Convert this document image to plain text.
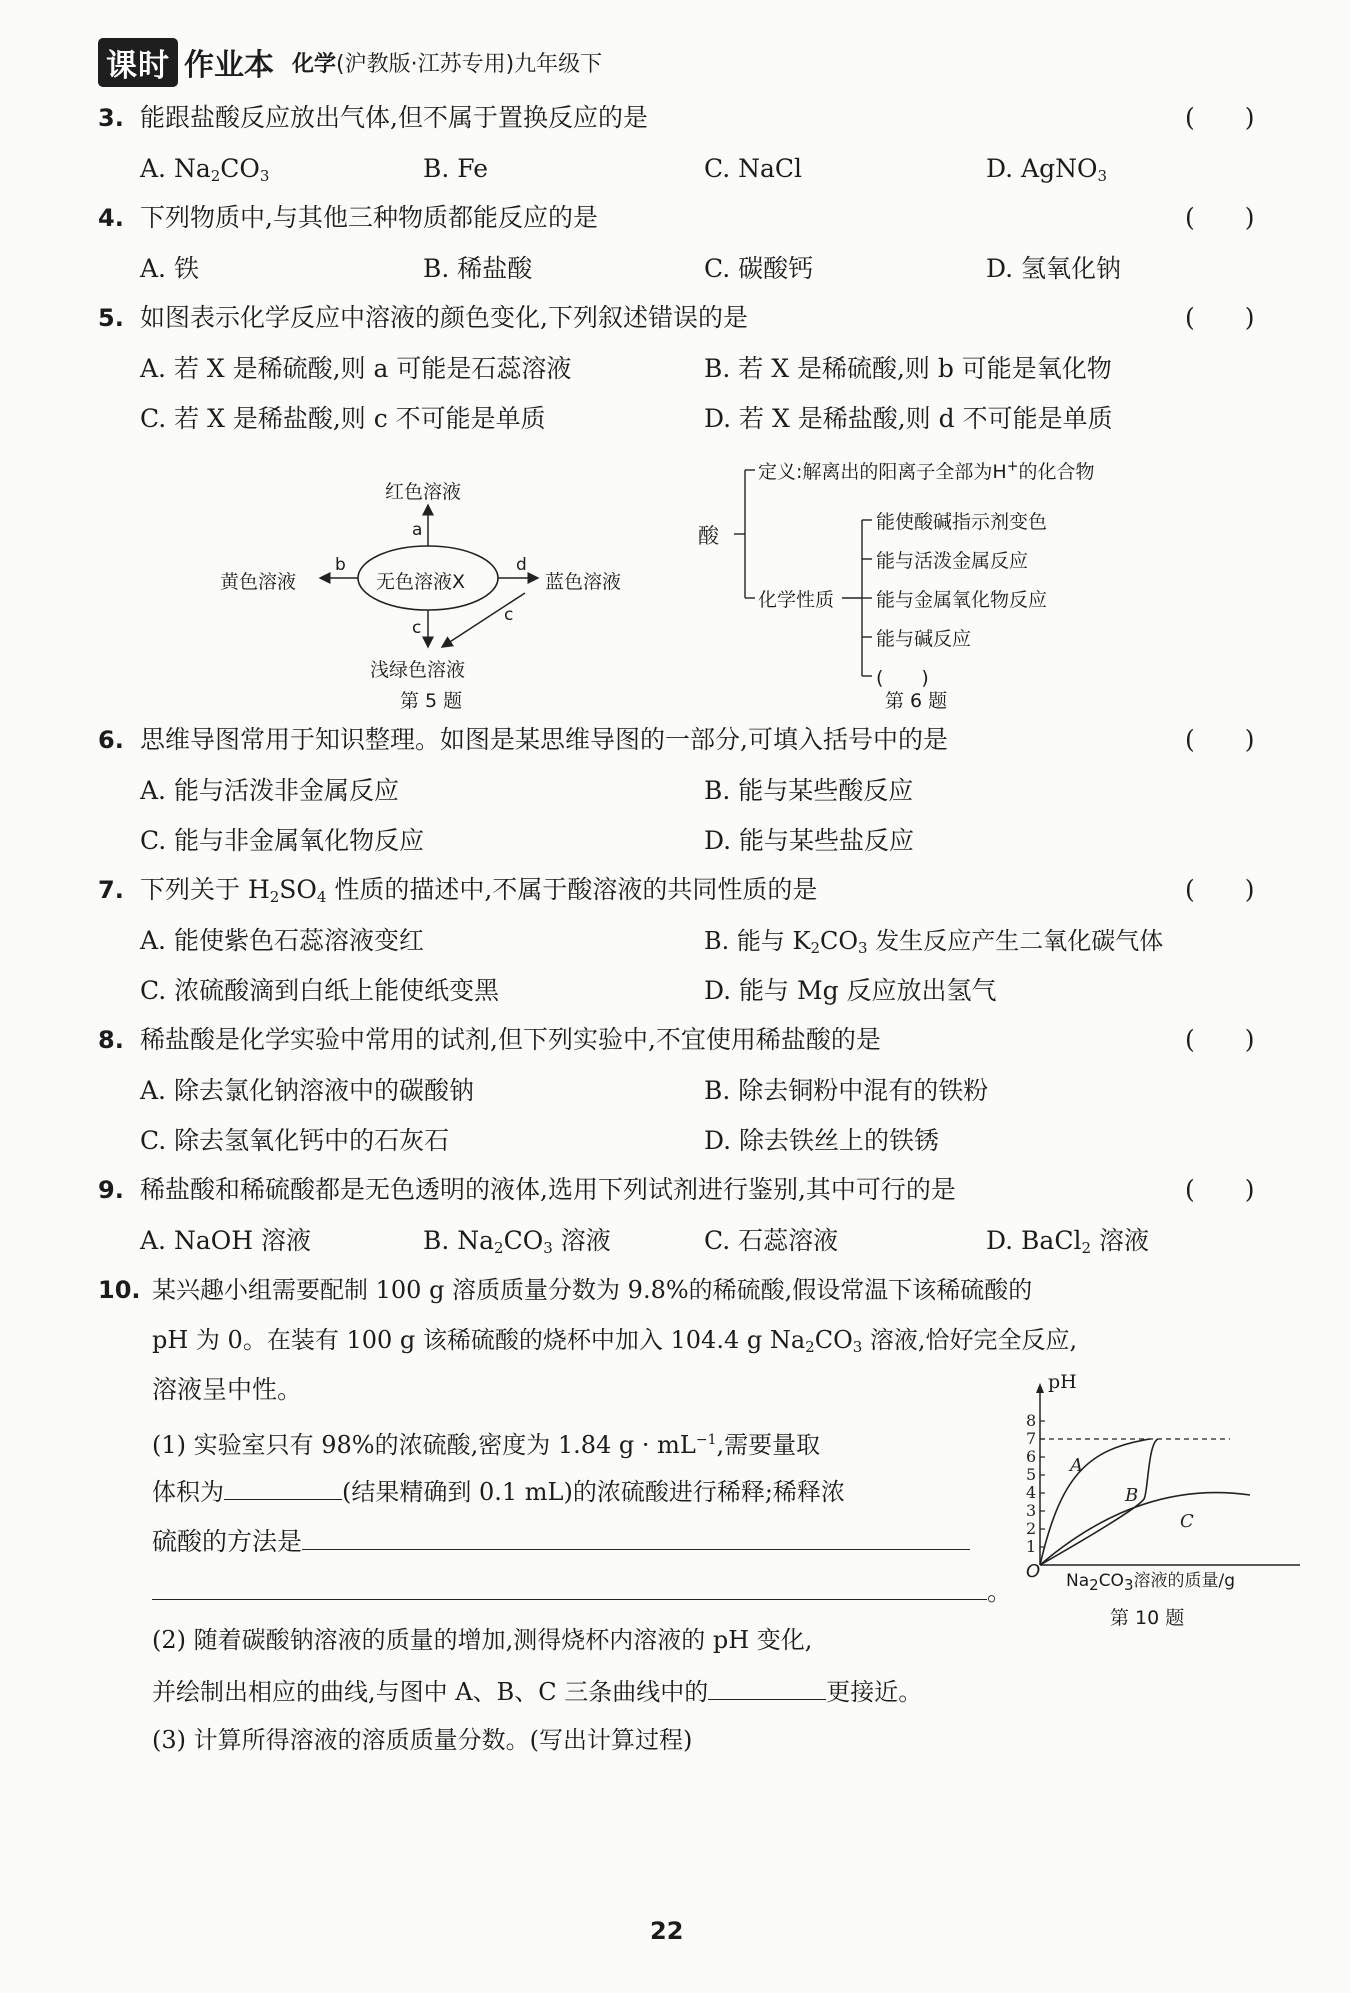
课时 作业本 化学 (沪教版·江苏专用)九年级下
3. 能跟盐酸反应放出气体,但不属于置换反应的是	(　　)
A. $Na_2CO_3$	B. Fe	C. NaCl	D. AgNO$_3$
4. 下列物质中,与其他三种物质都能反应的是	(　　)
A. 铁	B. 稀盐酸	C. 碳酸钙	D. 氢氧化钠
5. 如图表示化学反应中溶液的颜色变化,下列叙述错误的是	(　　)
A. 若 X 是稀硫酸,则 a 可能是石蕊溶液	B. 若 X 是稀硫酸,则 b 可能是氧化物
C. 若 X 是稀盐酸,则 c 不可能是单质	D. 若 X 是稀盐酸,则 d 不可能是单质
红色溶液
a
黄色溶液
b
无色溶液X
d
蓝色溶液
c
c
浅绿色溶液
第 5 题
酸
定义:解离出的阳离子全部为H+的化合物
化学性质
能使酸碱指示剂变色
能与活泼金属反应
能与金属氧化物反应
能与碱反应
(　　)
第 6 题
6. 思维导图常用于知识整理。如图是某思维导图的一部分,可填入括号中的是	(　　)
A. 能与活泼非金属反应	B. 能与某些酸反应
C. 能与非金属氧化物反应	D. 能与某些盐反应
7. 下列关于 $H_2SO_4$ 性质的描述中,不属于酸溶液的共同性质的是	(　　)
A. 能使紫色石蕊溶液变红	B. 能与 $K_2CO_3$ 发生反应产生二氧化碳气体
C. 浓硫酸滴到白纸上能使纸变黑	D. 能与 Mg 反应放出氢气
8. 稀盐酸是化学实验中常用的试剂,但下列实验中,不宜使用稀盐酸的是	(　　)
A. 除去氯化钠溶液中的碳酸钠	B. 除去铜粉中混有的铁粉
C. 除去氢氧化钙中的石灰石	D. 除去铁丝上的铁锈
9. 稀盐酸和稀硫酸都是无色透明的液体,选用下列试剂进行鉴别,其中可行的是	(　　)
A. NaOH 溶液	B. $Na_2CO_3$ 溶液	C. 石蕊溶液	D. BaCl$_2$ 溶液
10. 某兴趣小组需要配制 100 g 溶质质量分数为 9.8%的稀硫酸,假设常温下该稀硫酸的
pH 为 0。在装有 100 g 该稀硫酸的烧杯中加入 104.4 g $Na_2CO_3$ 溶液,恰好完全反应,
溶液呈中性。
(1) 实验室只有 98%的浓硫酸,密度为 1.84 $g \cdot mL^{-1}$,需要量取
体积为	(结果精确到 0.1 mL)的浓硫酸进行稀释;稀释浓
硫酸的方法是
。
(2) 随着碳酸钠溶液的质量的增加,测得烧杯内溶液的 pH 变化,
并绘制出相应的曲线,与图中 A、B、C 三条曲线中的	更接近。
(3) 计算所得溶液的溶质质量分数。(写出计算过程)
1
2
3
4
5
6
7
8
A
B
C
pH
O $Na_2CO_3$溶液的质量/g
第 10 题
22
